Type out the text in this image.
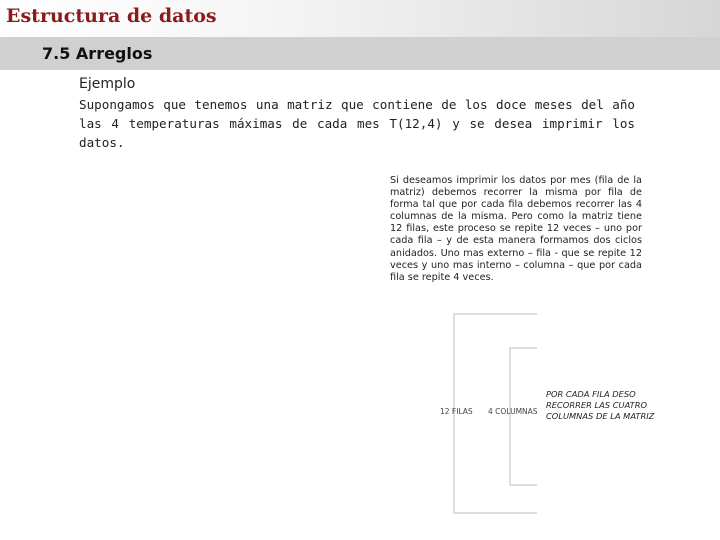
Estructura de datos
7.5 Arreglos
Ejemplo

Supongamos que tenemos una matriz que contiene de los doce meses del año las 4 temperaturas máximas de cada mes T(12,4) y se desea imprimir los datos.

Si deseamos imprimir los datos por mes (fila de la matriz) debemos recorrer la misma por fila de forma tal que por cada fila debemos recorrer las 4 columnas de la misma. Pero como la matriz tiene 12 filas, este proceso se repite 12 veces – uno por cada fila – y de esta manera formamos dos ciclos anidados. Uno mas externo – fila - que se repite 12 veces y uno mas interno – columna – que por cada fila se repite 4 veces.

12 FILAS 4 COLUMNAS

POR CADA FILA DESO RECORRER LAS CUATRO COLUMNAS DE LA MATRIZ
